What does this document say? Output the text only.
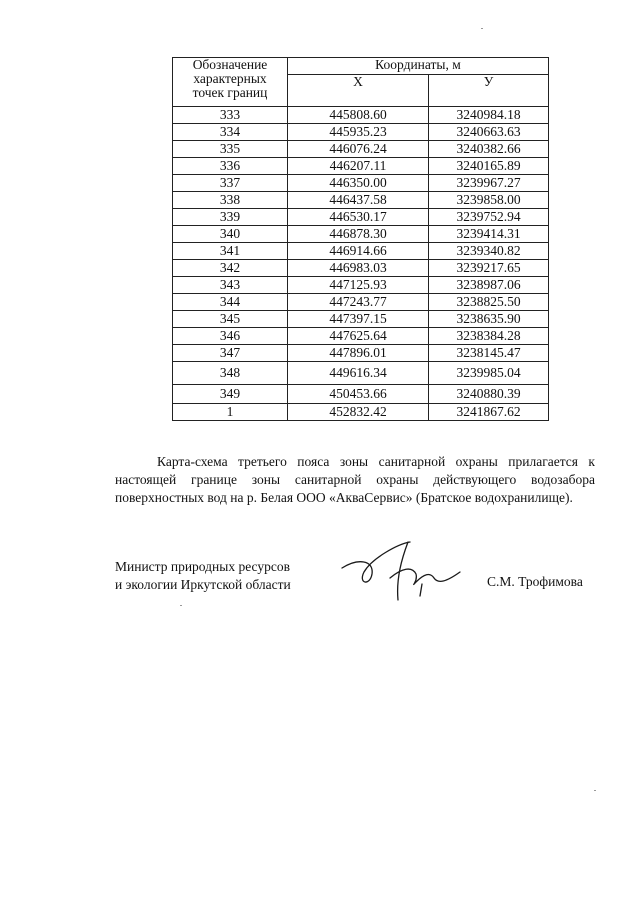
Обозначение характерных точек границ	Координаты, м	
	Х	У
333	445808.60	3240984.18
334	445935.23	3240663.63
335	446076.24	3240382.66
336	446207.11	3240165.89
337	446350.00	3239967.27
338	446437.58	3239858.00
339	446530.17	3239752.94
340	446878.30	3239414.31
341	446914.66	3239340.82
342	446983.03	3239217.65
343	447125.93	3238987.06
344	447243.77	3238825.50
345	447397.15	3238635.90
346	447625.64	3238384.28
347	447896.01	3238145.47
348	449616.34	3239985.04
349	450453.66	3240880.39
1	452832.42	3241867.62

Карта-схема третьего пояса зоны санитарной охраны прилагается к настоящей границе зоны санитарной охраны действующего водозабора поверхностных вод на р. Белая ООО «АкваСервис» (Братское водохранилище).

Министр природных ресурсов
и экологии Иркутской области	С.М. Трофимова
